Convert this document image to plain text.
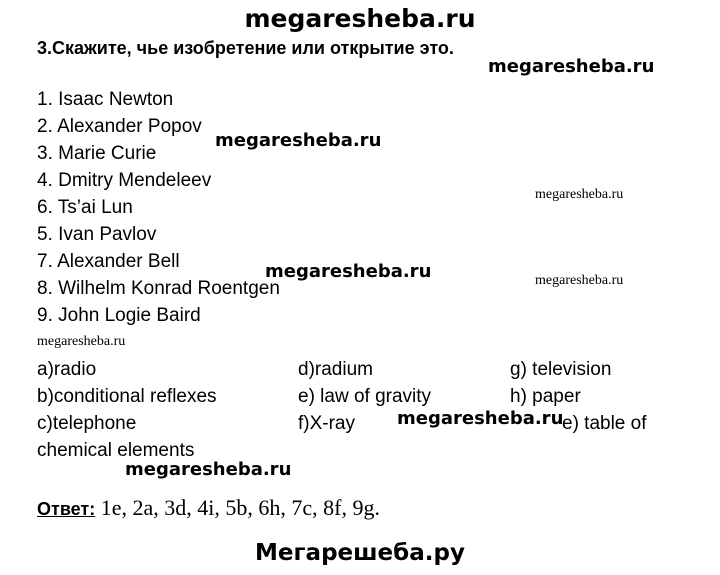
megaresheba.ru
3.Скажите, чье изобретение или открытие это.
megaresheba.ru
megaresheba.ru
megaresheba.ru
megaresheba.ru	megaresheba.ru
megaresheba.ru
megaresheba.ru
megaresheba.ru
1. Isaac Newton
2. Alexander Popov
3. Marie Curie
4. Dmitry Mendeleev
6. Ts’ai Lun
5. Ivan Pavlov
7. Alexander Bell
8. Wilhelm Konrad Roentgen
9. John Logie Baird
a)radio
b)conditional reflexes
c)telephone
d)radium
e) law of gravity
f)X-ray
g) television
h) paper
e) table of
chemical elements
Ответ: 1e, 2a, 3d, 4i, 5b, 6h, 7c, 8f, 9g.
Мегарешеба.ру
